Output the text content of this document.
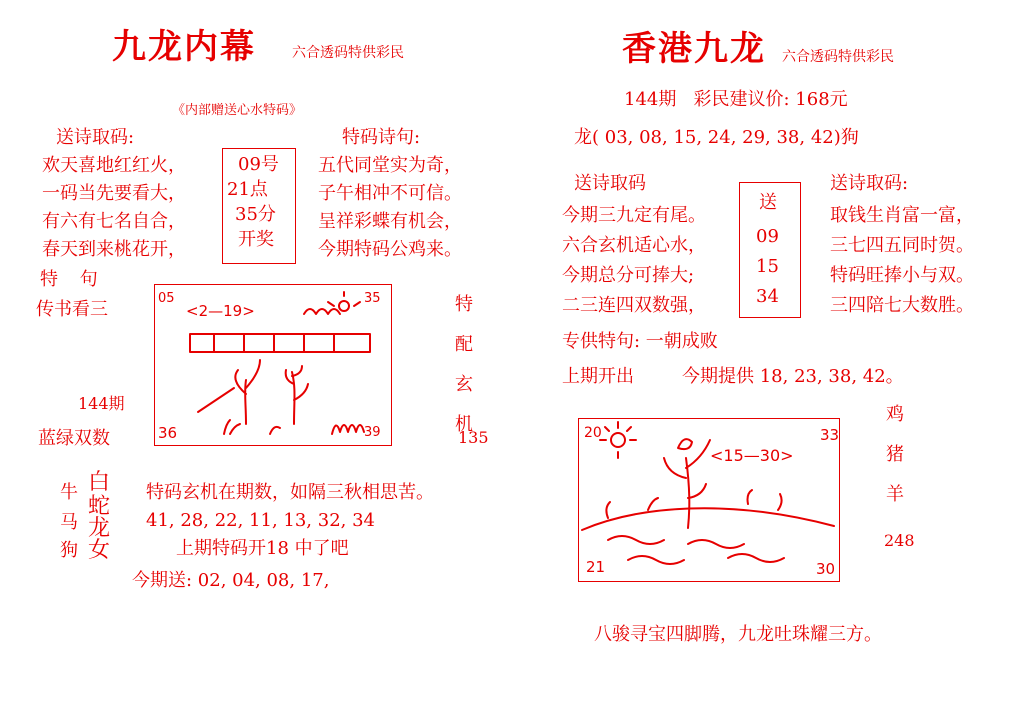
九龙内幕	六合透码特供彩民
《内部赠送心水特码》
送诗取码:
欢天喜地红红火，
一码当先要看大，
有六有七名自合，
春天到来桃花开，
09号
21点
35分
开奖
特码诗句:
五代同堂实为奇，
子午相冲不可信。
呈祥彩蝶有机会，
今期特码公鸡来。
特 句
传书看三
144期
蓝绿双数
05	35
36	39
<2—19>	特
配
玄
机
135
牛
马
狗
白
蛇
龙
女
特码玄机在期数，如隔三秋相思苦。
41, 28, 22, 11, 13, 32, 34
上期特码开18 中了吧
今期送: 02, 04, 08, 17,
香港九龙 六合透码特供彩民
144期   彩民建议价: 168元
龙( 03, 08, 15, 24, 29, 38, 42)狗
送诗取码
今期三九定有尾。
六合玄机适心水，
今期总分可捧大;
二三连四双数强，
送
09
15
34
送诗取码:
取钱生肖富一富，
三七四五同时贺。
特码旺捧小与双。
三四陪七大数胜。
专供特句: 一朝成败
上期开出	今期提供 18, 23, 38, 42。
20	33
21	30
<15—30>
鸡
猪
羊
248
八骏寻宝四脚腾，九龙吐珠耀三方。
